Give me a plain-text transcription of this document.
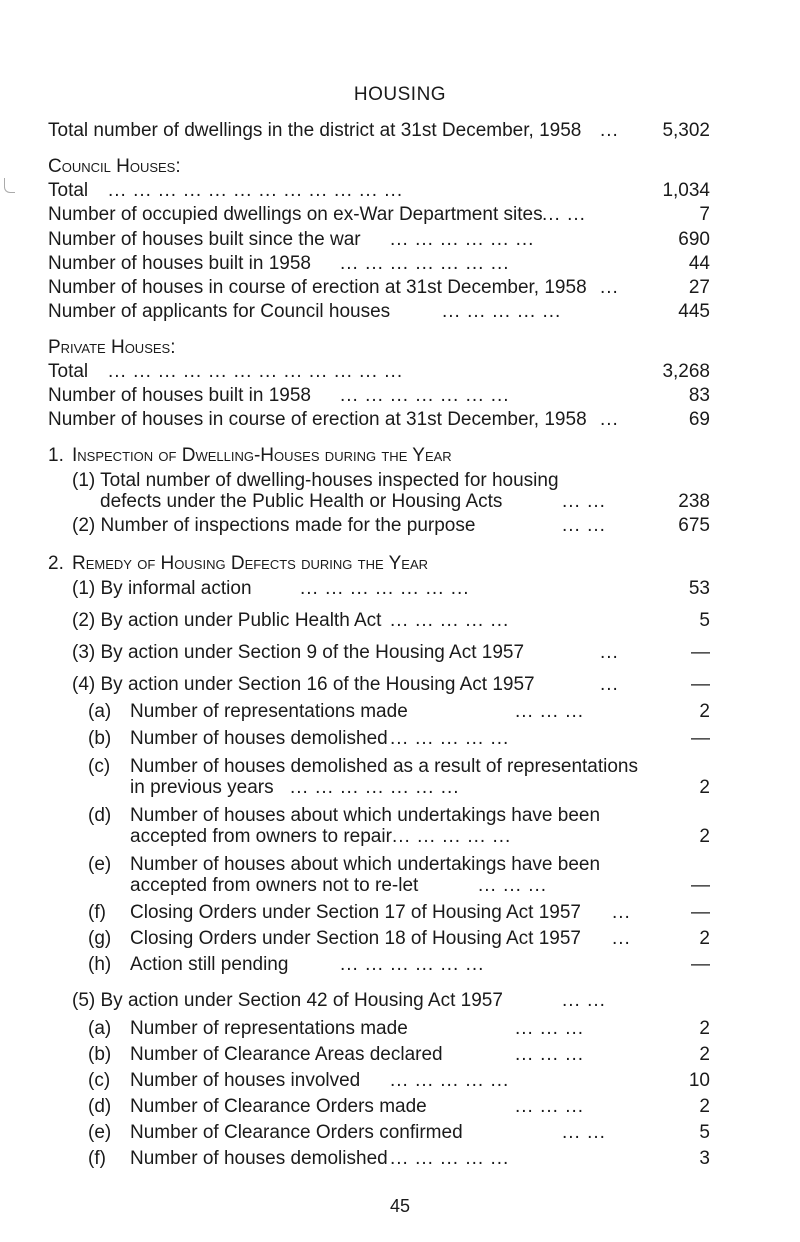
HOUSING
Total number of dwellings in the district at 31st December, 1958 ... 5,302
Council Houses:
Total ... ... ... ... ... ... ... ... ... ... ... ...	1,034
Number of occupied dwellings on ex-War Department sites ... ...	7
Number of houses built since the war ... ... ... ... ... ...	690
Number of houses built in 1958 ... ... ... ... ... ... ...	44
Number of houses in course of erection at 31st December, 1958 ...	27
Number of applicants for Council houses	... ... ... ... ...	445
Private Houses:
Total ... ... ... ... ... ... ... ... ... ... ... ...	3,268
Number of houses built in 1958 ... ... ... ... ... ... ...	83
Number of houses in course of erection at 31st December, 1958 ...	69
1. Inspection of Dwelling-Houses during the Year
(1) Total number of dwelling-houses inspected for housing
defects under the Public Health or Housing Acts	... ...	238
(2) Number of inspections made for the purpose	... ...	675
2. Remedy of Housing Defects during the Year
(1) By informal action	... ... ... ... ... ... ...	53
(2) By action under Public Health Act ... ... ... ... ...	5
(3) By action under Section 9 of the Housing Act 1957	...	—
(4) By action under Section 16 of the Housing Act 1957	...	—
(a) Number of representations made	... ... ...	2
(b) Number of houses demolished ... ... ... ... ...	—
(c) Number of houses demolished as a result of representations
in previous years ... ... ... ... ... ... ...	2
(d) Number of houses about which undertakings have been
accepted from owners to repair ... ... ... ... ...	2
(e) Number of houses about which undertakings have been
accepted from owners not to re-let	... ... ...	—
(f) Closing Orders under Section 17 of Housing Act 1957 ...	—
(g) Closing Orders under Section 18 of Housing Act 1957 ...	2
(h) Action still pending	... ... ... ... ... ...	—
(5) By action under Section 42 of Housing Act 1957	... ...
(a) Number of representations made	... ... ...	2
(b) Number of Clearance Areas declared	... ... ...	2
(c) Number of houses involved ... ... ... ... ...	10
(d) Number of Clearance Orders made	... ... ...	2
(e) Number of Clearance Orders confirmed	... ...	5
(f) Number of houses demolished ... ... ... ... ...	3
45
